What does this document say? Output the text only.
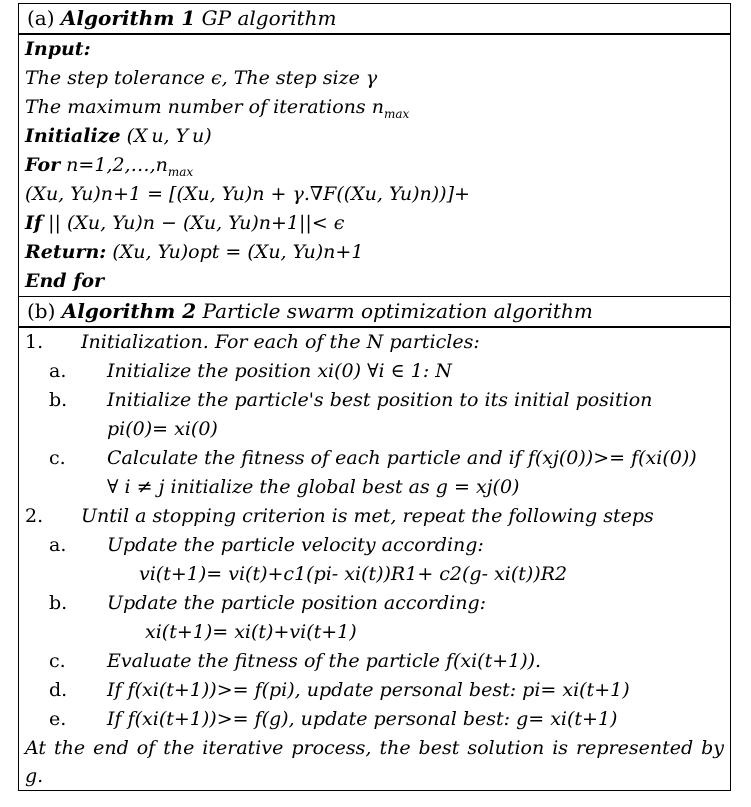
(a) Algorithm 1 GP algorithm
Input:
The step tolerance ϵ, The step size γ
The maximum number of iterations $n_{max}$
Initialize (X u, Y u)
For $n=1,2,\dots,n_{max}$
(Xu, Yu)n+1 = [(Xu, Yu)n + γ.∇F((Xu, Yu)n))]+
If || (Xu, Yu)n − (Xu, Yu)n+1||< ϵ
Return: (Xu, Yu)opt = (Xu, Yu)n+1
End for
(b) Algorithm 2 Particle swarm optimization algorithm
1. Initialization. For each of the N particles:
a. Initialize the position xi(0) ∀i ∈ 1: N
b. Initialize the particle's best position to its initial position
pi(0)= xi(0)
c. Calculate the fitness of each particle and if f(xj(0))>= f(xi(0))
∀ i ≠ j initialize the global best as g = xj(0)
2. Until a stopping criterion is met, repeat the following steps
a. Update the particle velocity according:
vi(t+1)= vi(t)+c1(pi- xi(t))R1+ c2(g- xi(t))R2
b. Update the particle position according:
xi(t+1)= xi(t)+vi(t+1)
c. Evaluate the fitness of the particle f(xi(t+1)).
d. If f(xi(t+1))>= f(pi), update personal best: pi= xi(t+1)
e. If f(xi(t+1))>= f(g), update personal best: g= xi(t+1)
At the end of the iterative process, the best solution is represented by g.
